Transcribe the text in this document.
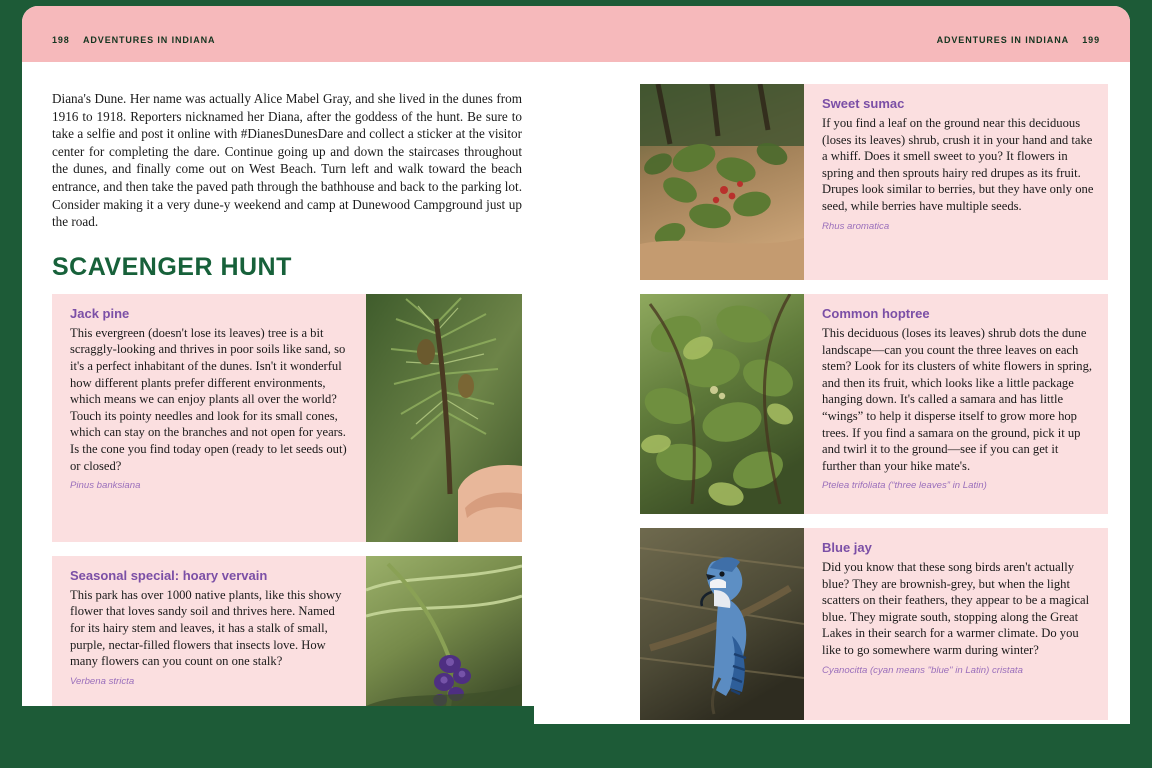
198 ADVENTURES IN INDIANA	ADVENTURES IN INDIANA 199

Diana's Dune. Her name was actually Alice Mabel Gray, and she lived in the dunes from 1916 to 1918. Reporters nicknamed her Diana, after the goddess of the hunt. Be sure to take a selfie and post it online with #DianesDunesDare and collect a sticker at the visitor center for completing the dare. Continue going up and down the staircases throughout the dunes, and finally come out on West Beach. Turn left and walk toward the beach entrance, and then take the paved path through the bathhouse and back to the parking lot. Consider making it a very dune-y weekend and camp at Dunewood Campground just up the road.

SCAVENGER HUNT

Jack pine

This evergreen (doesn't lose its leaves) tree is a bit scraggly-looking and thrives in poor soils like sand, so it's a perfect inhabitant of the dunes. Isn't it wonderful how different plants prefer different environments, which means we can enjoy plants all over the world? Touch its pointy needles and look for its small cones, which can stay on the branches and not open for years. Is the cone you find today open (ready to let seeds out) or closed?

Pinus banksiana

Seasonal special: hoary vervain

This park has over 1000 native plants, like this showy flower that loves sandy soil and thrives here. Named for its hairy stem and leaves, it has a stalk of small, purple, nectar-filled flowers that insects love. How many flowers can you count on one stalk?

Verbena stricta

Sweet sumac

If you find a leaf on the ground near this deciduous (loses its leaves) shrub, crush it in your hand and take a whiff. Does it smell sweet to you? It flowers in spring and then sprouts hairy red drupes as its fruit. Drupes look similar to berries, but they have only one seed, while berries have multiple seeds.

Rhus aromatica

Common hoptree

This deciduous (loses its leaves) shrub dots the dune landscape—can you count the three leaves on each stem? Look for its clusters of white flowers in spring, and then its fruit, which looks like a little package hanging down. It's called a samara and has little “wings” to help it disperse itself to grow more hop trees. If you find a samara on the ground, pick it up and twirl it to the ground—see if you can get it further than your hike mate's.

Ptelea trifoliata (“three leaves” in Latin)

Blue jay

Did you know that these song birds aren't actually blue? They are brownish-grey, but when the light scatters on their feathers, they appear to be a magical blue. They migrate south, stopping along the Great Lakes in their search for a warmer climate. Do you like to go somewhere warm during winter?

Cyanocitta (cyan means "blue" in Latin) cristata
